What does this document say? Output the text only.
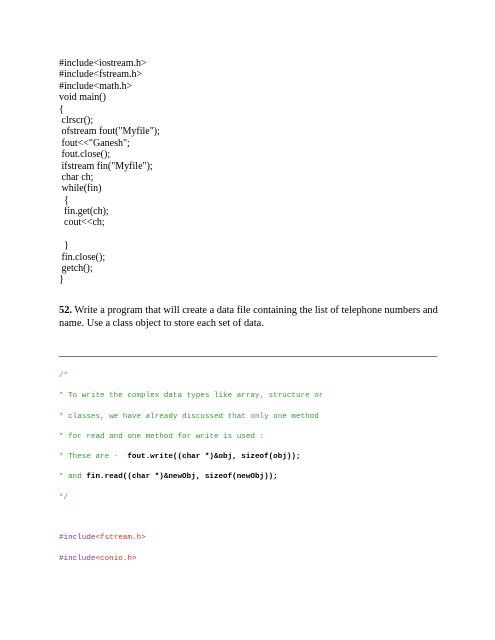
#include<iostream.h>
#include<fstream.h>
#include<math.h>
void main()
{
clrscr();
ofstream fout("Myfile");
fout<<"Ganesh";
fout.close();
ifstream fin("Myfile");
char ch;
while(fin)
{
fin.get(ch);
cout<<ch;
}
fin.close();
getch();
}
52. Write a program that will create a data file containing the list of telephone numbers and name. Use a class object to store each set of data.
/*
* To write the complex data types like array, structure or
* classes, we have already discussed that only one method
* for read and one method for write is used :
* These are -  fout.write((char *)&obj, sizeof(obj));
* and fin.read((char *)&newObj, sizeof(newObj));
*/
#include<fstream.h>
#include<conio.h>
